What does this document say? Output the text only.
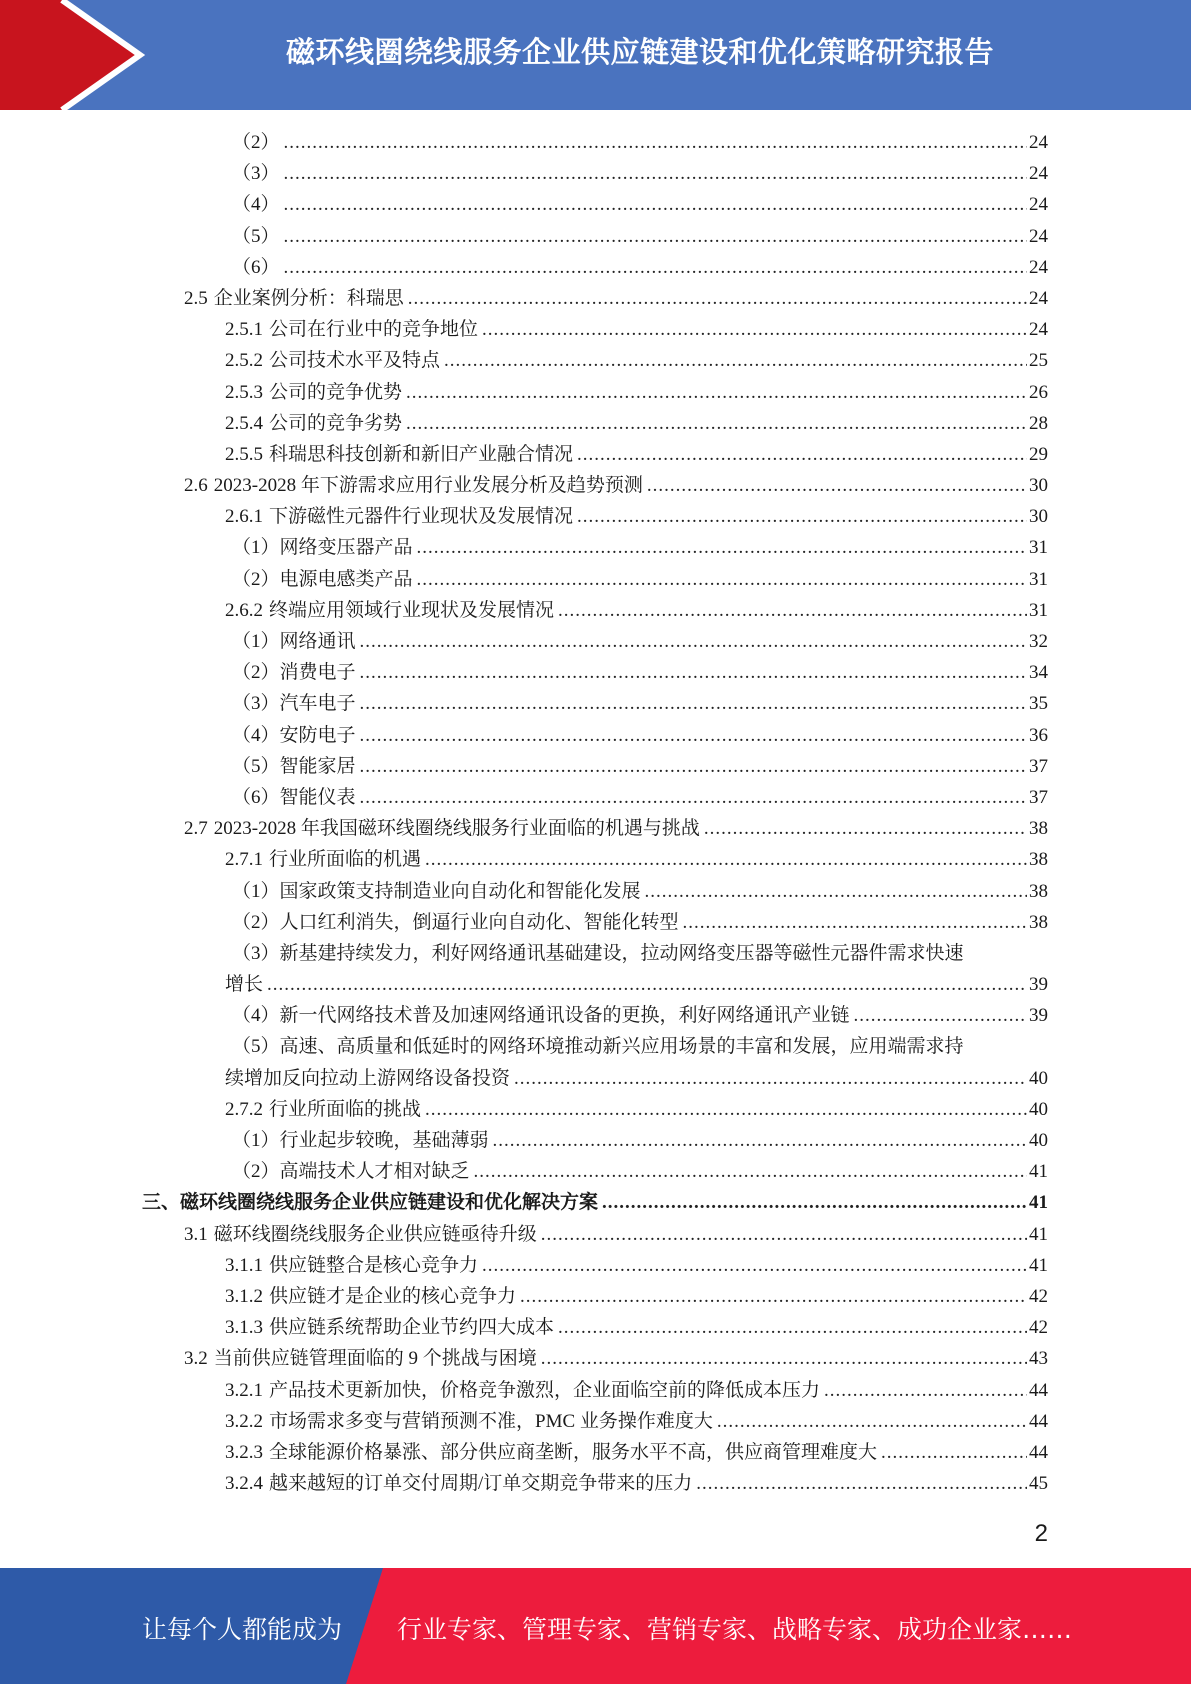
磁环线圈绕线服务企业供应链建设和优化策略研究报告
（2） .....	24
（3） .....	24
（4） .....	24
（5） .....	24
（6） .....	24
2.5 企业案例分析：科瑞思 .....	24
2.5.1 公司在行业中的竞争地位 .....	24
2.5.2 公司技术水平及特点 .....	25
2.5.3 公司的竞争优势 .....	26
2.5.4 公司的竞争劣势 .....	28
2.5.5 科瑞思科技创新和新旧产业融合情况 .....	29
2.6 2023-2028 年下游需求应用行业发展分析及趋势预测 .....	30
2.6.1 下游磁性元器件行业现状及发展情况 .....	30
（1） 网络变压器产品 .....	31
（2） 电源电感类产品 .....	31
2.6.2 终端应用领域行业现状及发展情况 .....	31
（1） 网络通讯 .....	32
（2） 消费电子 .....	34
（3） 汽车电子 .....	35
（4） 安防电子 .....	36
（5） 智能家居 .....	37
（6） 智能仪表 .....	37
2.7 2023-2028 年我国磁环线圈绕线服务行业面临的机遇与挑战 .....	38
2.7.1 行业所面临的机遇 .....	38
（1） 国家政策支持制造业向自动化和智能化发展 .....	38
（2） 人口红利消失，倒逼行业向自动化、智能化转型 .....	38
（3） 新基建持续发力，利好网络通讯基础建设，拉动网络变压器等磁性元器件需求快速
增长 .....	39
（4） 新一代网络技术普及加速网络通讯设备的更换，利好网络通讯产业链 .....	39
（5） 高速、高质量和低延时的网络环境推动新兴应用场景的丰富和发展，应用端需求持
续增加反向拉动上游网络设备投资 .....	40
2.7.2 行业所面临的挑战 .....	40
（1） 行业起步较晚，基础薄弱 .....	40
（2） 高端技术人才相对缺乏 .....	41
三、 磁环线圈绕线服务企业供应链建设和优化解决方案 .....	41
3.1 磁环线圈绕线服务企业供应链亟待升级 .....	41
3.1.1 供应链整合是核心竞争力 .....	41
3.1.2 供应链才是企业的核心竞争力 .....	42
3.1.3 供应链系统帮助企业节约四大成本 .....	42
3.2 当前供应链管理面临的 9 个挑战与困境 .....	43
3.2.1 产品技术更新加快，价格竞争激烈，企业面临空前的降低成本压力 .....	44
3.2.2 市场需求多变与营销预测不准，PMC 业务操作难度大 .....	44
3.2.3 全球能源价格暴涨、部分供应商垄断，服务水平不高，供应商管理难度大 .....	44
3.2.4 越来越短的订单交付周期/订单交期竞争带来的压力 .....	45
2
让每个人都能成为 行业专家、管理专家、营销专家、战略专家、成功企业家……
